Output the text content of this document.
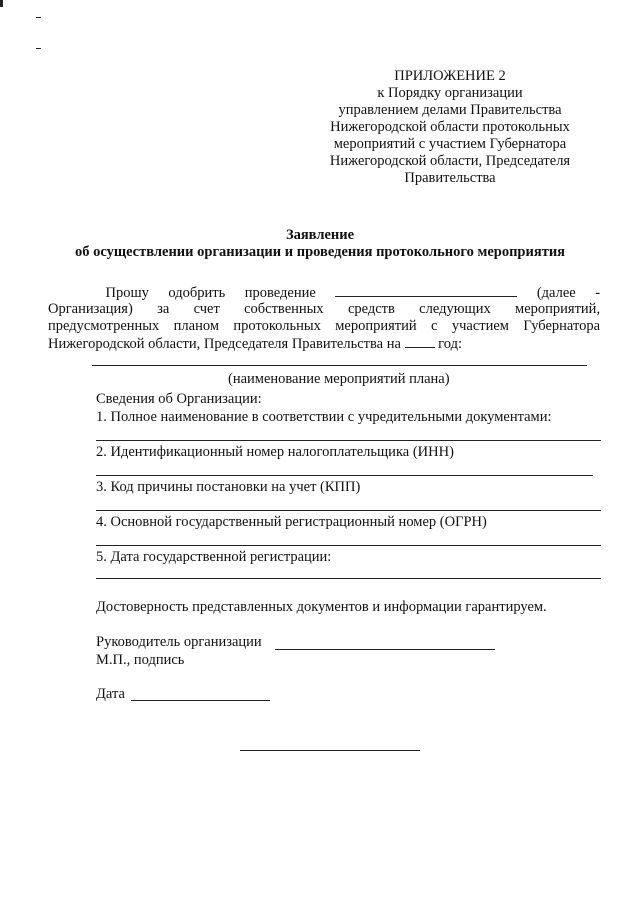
ПРИЛОЖЕНИЕ 2
к Порядку организации
управлением делами Правительства
Нижегородской области протокольных
мероприятий с участием Губернатора
Нижегородской области, Председателя
Правительства
Заявление
об осуществлении организации и проведения протокольного мероприятия
Прошу одобрить проведение	(далее -
Организация) за счет собственных средств следующих мероприятий,
предусмотренных планом протокольных мероприятий с участием Губернатора
Нижегородской области, Председателя Правительства на	год:
(наименование мероприятий плана)
Сведения об Организации:
1. Полное наименование в соответствии с учредительными документами:
2. Идентификационный номер налогоплательщика (ИНН)
3. Код причины постановки на учет (КПП)
4. Основной государственный регистрационный номер (ОГРН)
5. Дата государственной регистрации:
Достоверность представленных документов и информации гарантируем.
Руководитель организации
М.П., подпись
Дата
